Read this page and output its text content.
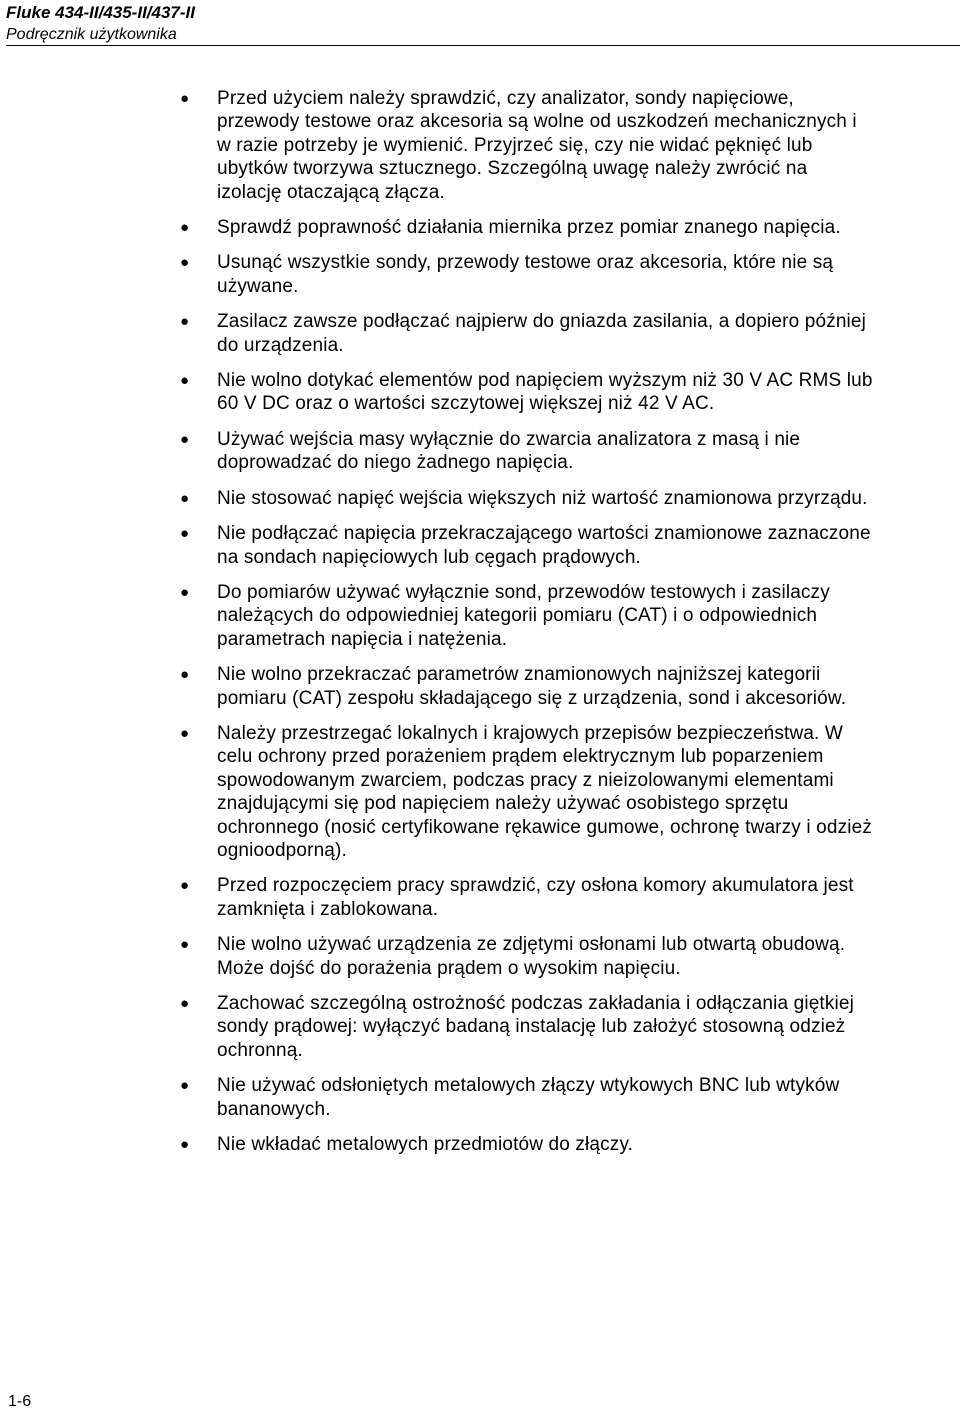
Fluke 434-II/435-II/437-II
Podręcznik użytkownika
● Przed użyciem należy sprawdzić, czy analizator, sondy napięciowe, przewody testowe oraz akcesoria są wolne od uszkodzeń mechanicznych i w razie potrzeby je wymienić. Przyjrzeć się, czy nie widać pęknięć lub ubytków tworzywa sztucznego. Szczególną uwagę należy zwrócić na izolację otaczającą złącza.
● Sprawdź poprawność działania miernika przez pomiar znanego napięcia.
● Usunąć wszystkie sondy, przewody testowe oraz akcesoria, które nie są używane.
● Zasilacz zawsze podłączać najpierw do gniazda zasilania, a dopiero później do urządzenia.
● Nie wolno dotykać elementów pod napięciem wyższym niż 30 V AC RMS lub 60 V DC oraz o wartości szczytowej większej niż 42 V AC.
● Używać wejścia masy wyłącznie do zwarcia analizatora z masą i nie doprowadzać do niego żadnego napięcia.
● Nie stosować napięć wejścia większych niż wartość znamionowa przyrządu.
● Nie podłączać napięcia przekraczającego wartości znamionowe zaznaczone na sondach napięciowych lub cęgach prądowych.
● Do pomiarów używać wyłącznie sond, przewodów testowych i zasilaczy należących do odpowiedniej kategorii pomiaru (CAT) i o odpowiednich parametrach napięcia i natężenia.
● Nie wolno przekraczać parametrów znamionowych najniższej kategorii pomiaru (CAT) zespołu składającego się z urządzenia, sond i akcesoriów.
● Należy przestrzegać lokalnych i krajowych przepisów bezpieczeństwa. W celu ochrony przed porażeniem prądem elektrycznym lub poparzeniem spowodowanym zwarciem, podczas pracy z nieizolowanymi elementami znajdującymi się pod napięciem należy używać osobistego sprzętu ochronnego (nosić certyfikowane rękawice gumowe, ochronę twarzy i odzież ognioodporną).
● Przed rozpoczęciem pracy sprawdzić, czy osłona komory akumulatora jest zamknięta i zablokowana.
● Nie wolno używać urządzenia ze zdjętymi osłonami lub otwartą obudową. Może dojść do porażenia prądem o wysokim napięciu.
● Zachować szczególną ostrożność podczas zakładania i odłączania giętkiej sondy prądowej: wyłączyć badaną instalację lub założyć stosowną odzież ochronną.
● Nie używać odsłoniętych metalowych złączy wtykowych BNC lub wtyków bananowych.
● Nie wkładać metalowych przedmiotów do złączy.
1-6
